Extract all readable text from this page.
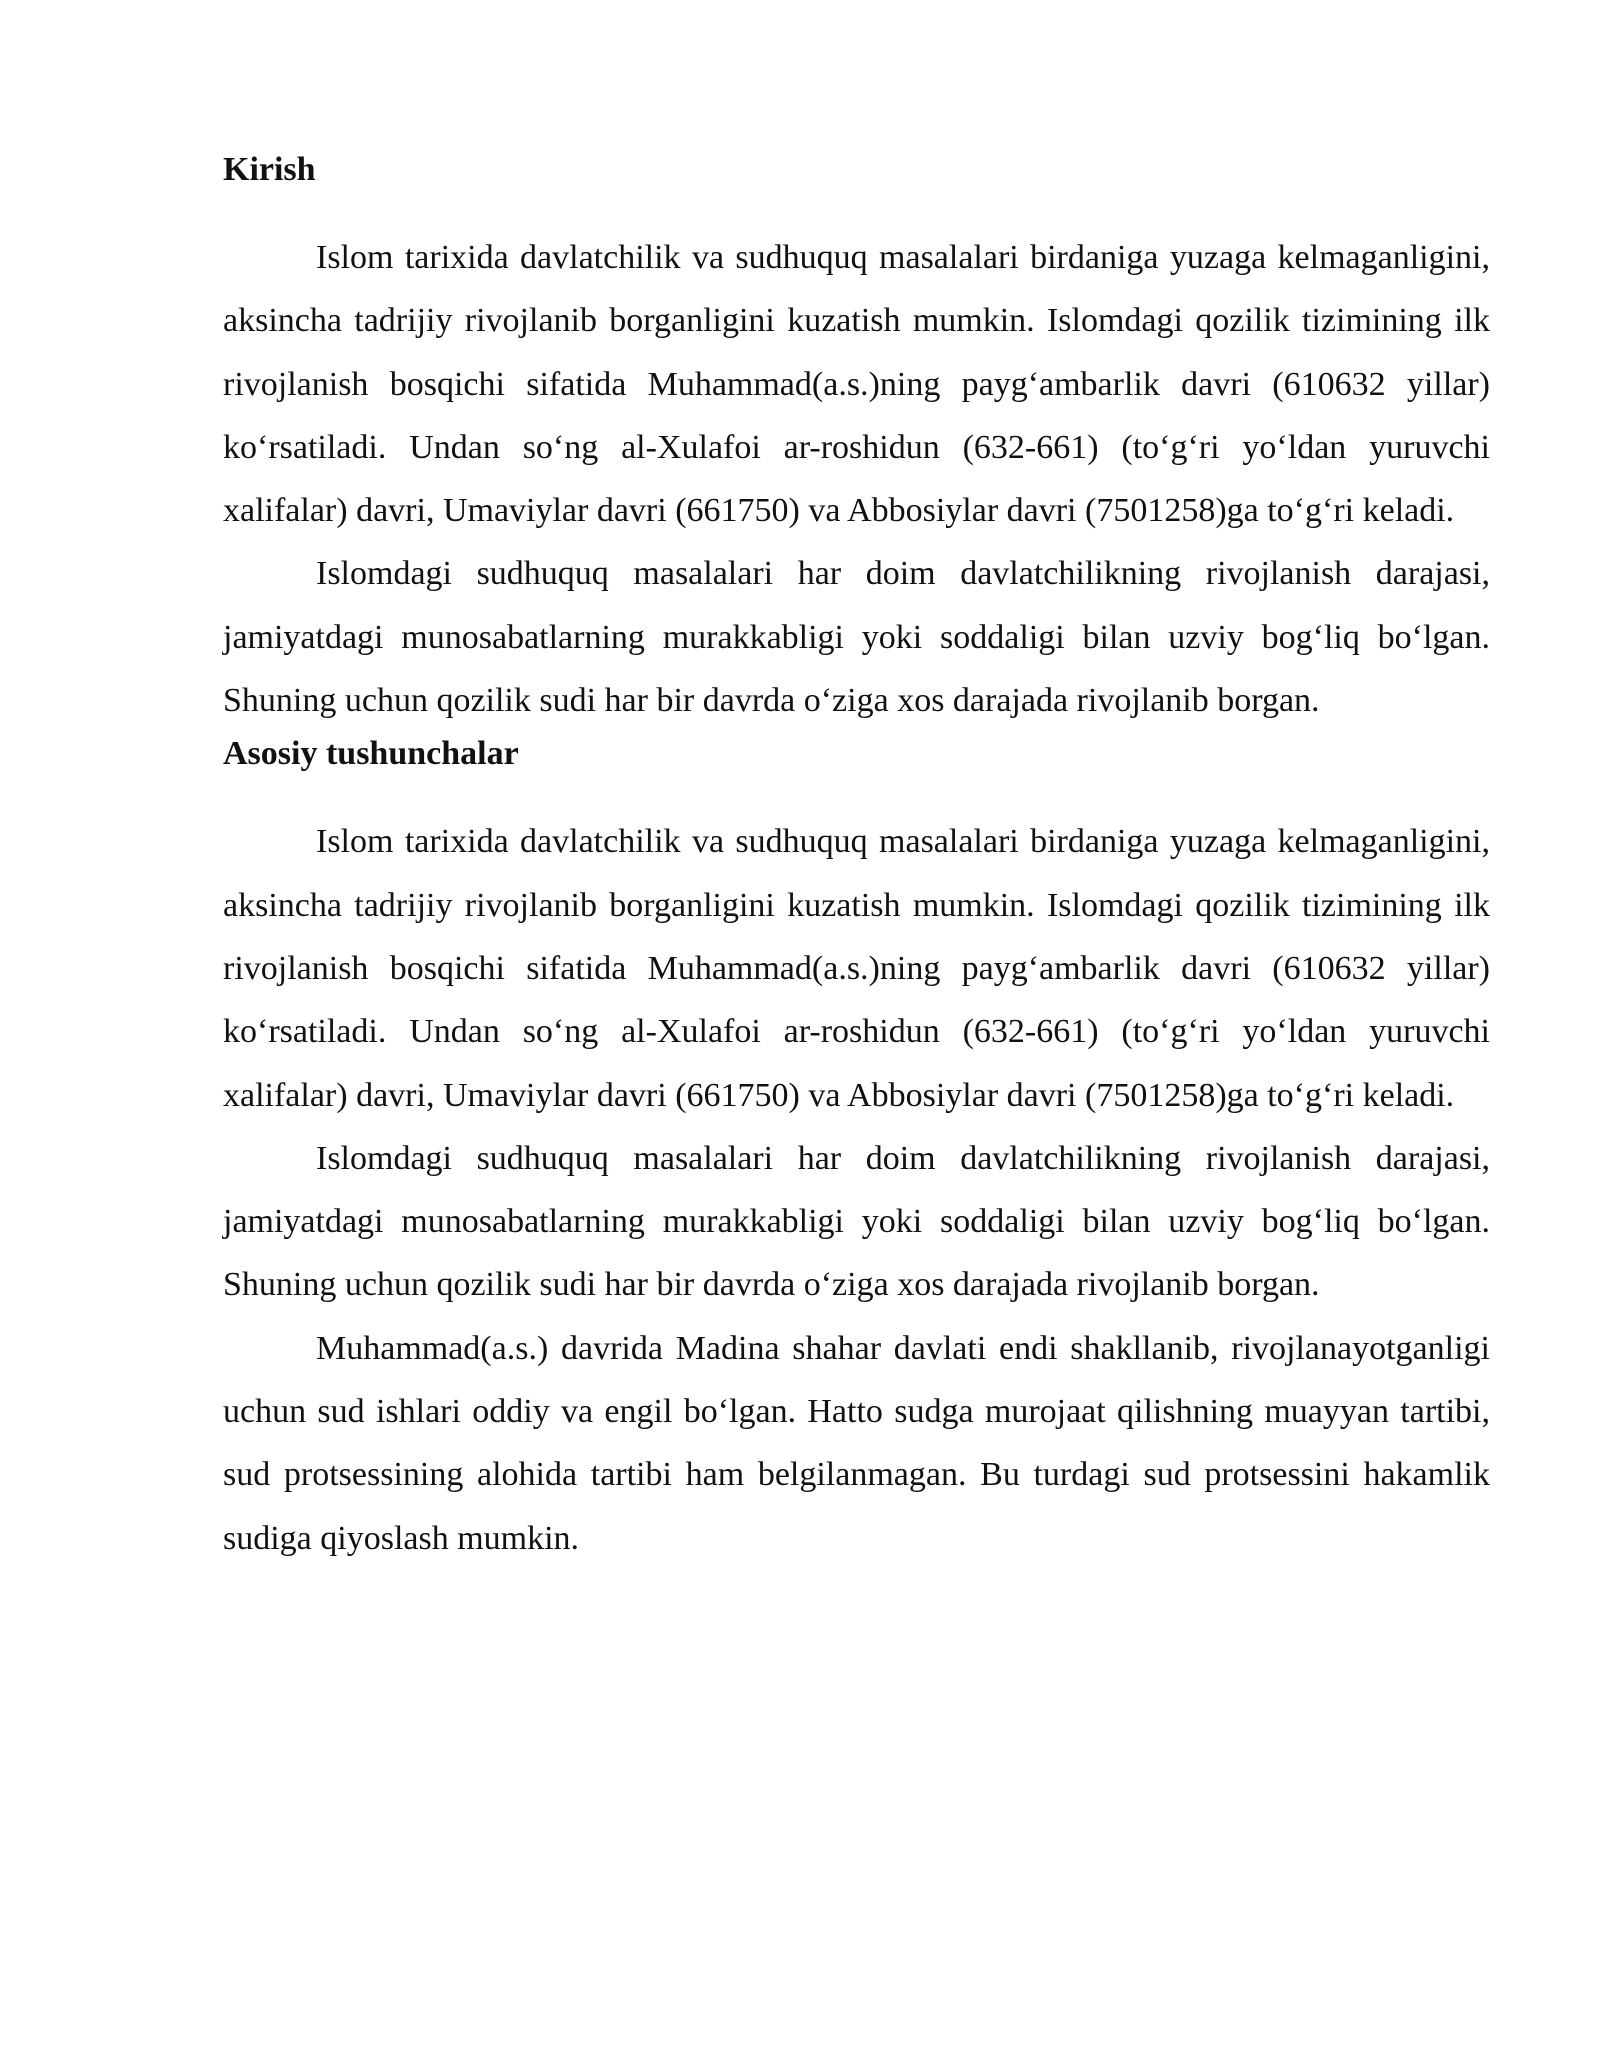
Kirish

Islom tarixida davlatchilik va sudhuquq masalalari birdaniga yuzaga kelmaganligini, aksincha tadrijiy rivojlanib borganligini kuzatish mumkin. Islomdagi qozilik tizimining ilk rivojlanish bosqichi sifatida Muhammad(a.s.)ning payg‘ambarlik davri (610632 yillar) ko‘rsatiladi. Undan so‘ng al-Xulafoi ar-roshidun (632-661) (to‘g‘ri yo‘ldan yuruvchi xalifalar) davri, Umaviylar davri (661750) va Abbosiylar davri (7501258)ga to‘g‘ri keladi.

Islomdagi sudhuquq masalalari har doim davlatchilikning rivojlanish darajasi, jamiyatdagi munosabatlarning murakkabligi yoki soddaligi bilan uzviy bog‘liq bo‘lgan. Shuning uchun qozilik sudi har bir davrda o‘ziga xos darajada rivojlanib borgan.

Asosiy tushunchalar

Islom tarixida davlatchilik va sudhuquq masalalari birdaniga yuzaga kelmaganligini, aksincha tadrijiy rivojlanib borganligini kuzatish mumkin. Islomdagi qozilik tizimining ilk rivojlanish bosqichi sifatida Muhammad(a.s.)ning payg‘ambarlik davri (610632 yillar) ko‘rsatiladi. Undan so‘ng al-Xulafoi ar-roshidun (632-661) (to‘g‘ri yo‘ldan yuruvchi xalifalar) davri, Umaviylar davri (661750) va Abbosiylar davri (7501258)ga to‘g‘ri keladi.

Islomdagi sudhuquq masalalari har doim davlatchilikning rivojlanish darajasi, jamiyatdagi munosabatlarning murakkabligi yoki soddaligi bilan uzviy bog‘liq bo‘lgan. Shuning uchun qozilik sudi har bir davrda o‘ziga xos darajada rivojlanib borgan.

Muhammad(a.s.) davrida Madina shahar davlati endi shakllanib, rivojlanayotganligi uchun sud ishlari oddiy va engil bo‘lgan. Hatto sudga murojaat qilishning muayyan tartibi, sud protsessining alohida tartibi ham belgilanmagan. Bu turdagi sud protsessini hakamlik sudiga qiyoslash mumkin.
